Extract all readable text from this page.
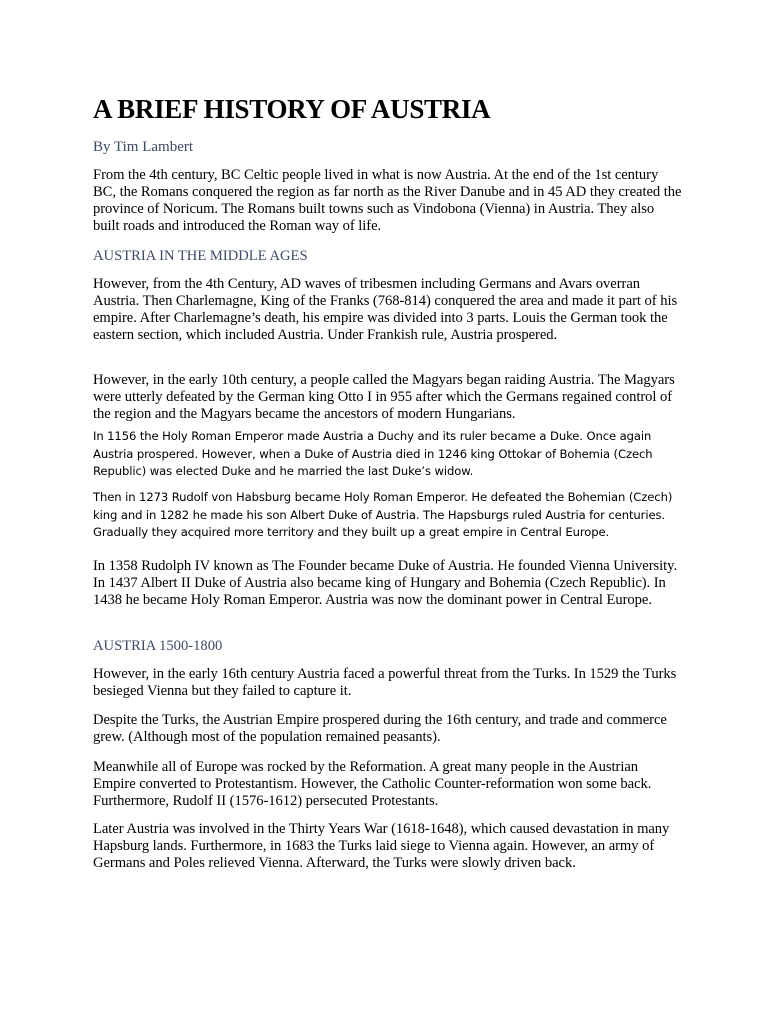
A BRIEF HISTORY OF AUSTRIA

By Tim Lambert

From the 4th century, BC Celtic people lived in what is now Austria. At the end of the 1st century BC, the Romans conquered the region as far north as the River Danube and in 45 AD they created the province of Noricum. The Romans built towns such as Vindobona (Vienna) in Austria. They also built roads and introduced the Roman way of life.

AUSTRIA IN THE MIDDLE AGES

However, from the 4th Century, AD waves of tribesmen including Germans and Avars overran Austria. Then Charlemagne, King of the Franks (768-814) conquered the area and made it part of his empire. After Charlemagne’s death, his empire was divided into 3 parts. Louis the German took the eastern section, which included Austria. Under Frankish rule, Austria prospered.

However, in the early 10th century, a people called the Magyars began raiding Austria. The Magyars were utterly defeated by the German king Otto I in 955 after which the Germans regained control of the region and the Magyars became the ancestors of modern Hungarians.

In 1156 the Holy Roman Emperor made Austria a Duchy and its ruler became a Duke. Once again Austria prospered. However, when a Duke of Austria died in 1246 king Ottokar of Bohemia (Czech Republic) was elected Duke and he married the last Duke’s widow.

Then in 1273 Rudolf von Habsburg became Holy Roman Emperor. He defeated the Bohemian (Czech) king and in 1282 he made his son Albert Duke of Austria. The Hapsburgs ruled Austria for centuries. Gradually they acquired more territory and they built up a great empire in Central Europe.

In 1358 Rudolph IV known as The Founder became Duke of Austria. He founded Vienna University. In 1437 Albert II Duke of Austria also became king of Hungary and Bohemia (Czech Republic). In 1438 he became Holy Roman Emperor. Austria was now the dominant power in Central Europe.

AUSTRIA 1500-1800

However, in the early 16th century Austria faced a powerful threat from the Turks. In 1529 the Turks besieged Vienna but they failed to capture it.

Despite the Turks, the Austrian Empire prospered during the 16th century, and trade and commerce grew. (Although most of the population remained peasants).

Meanwhile all of Europe was rocked by the Reformation. A great many people in the Austrian Empire converted to Protestantism. However, the Catholic Counter-reformation won some back. Furthermore, Rudolf II (1576-1612) persecuted Protestants.

Later Austria was involved in the Thirty Years War (1618-1648), which caused devastation in many Hapsburg lands. Furthermore, in 1683 the Turks laid siege to Vienna again. However, an army of Germans and Poles relieved Vienna. Afterward, the Turks were slowly driven back.
